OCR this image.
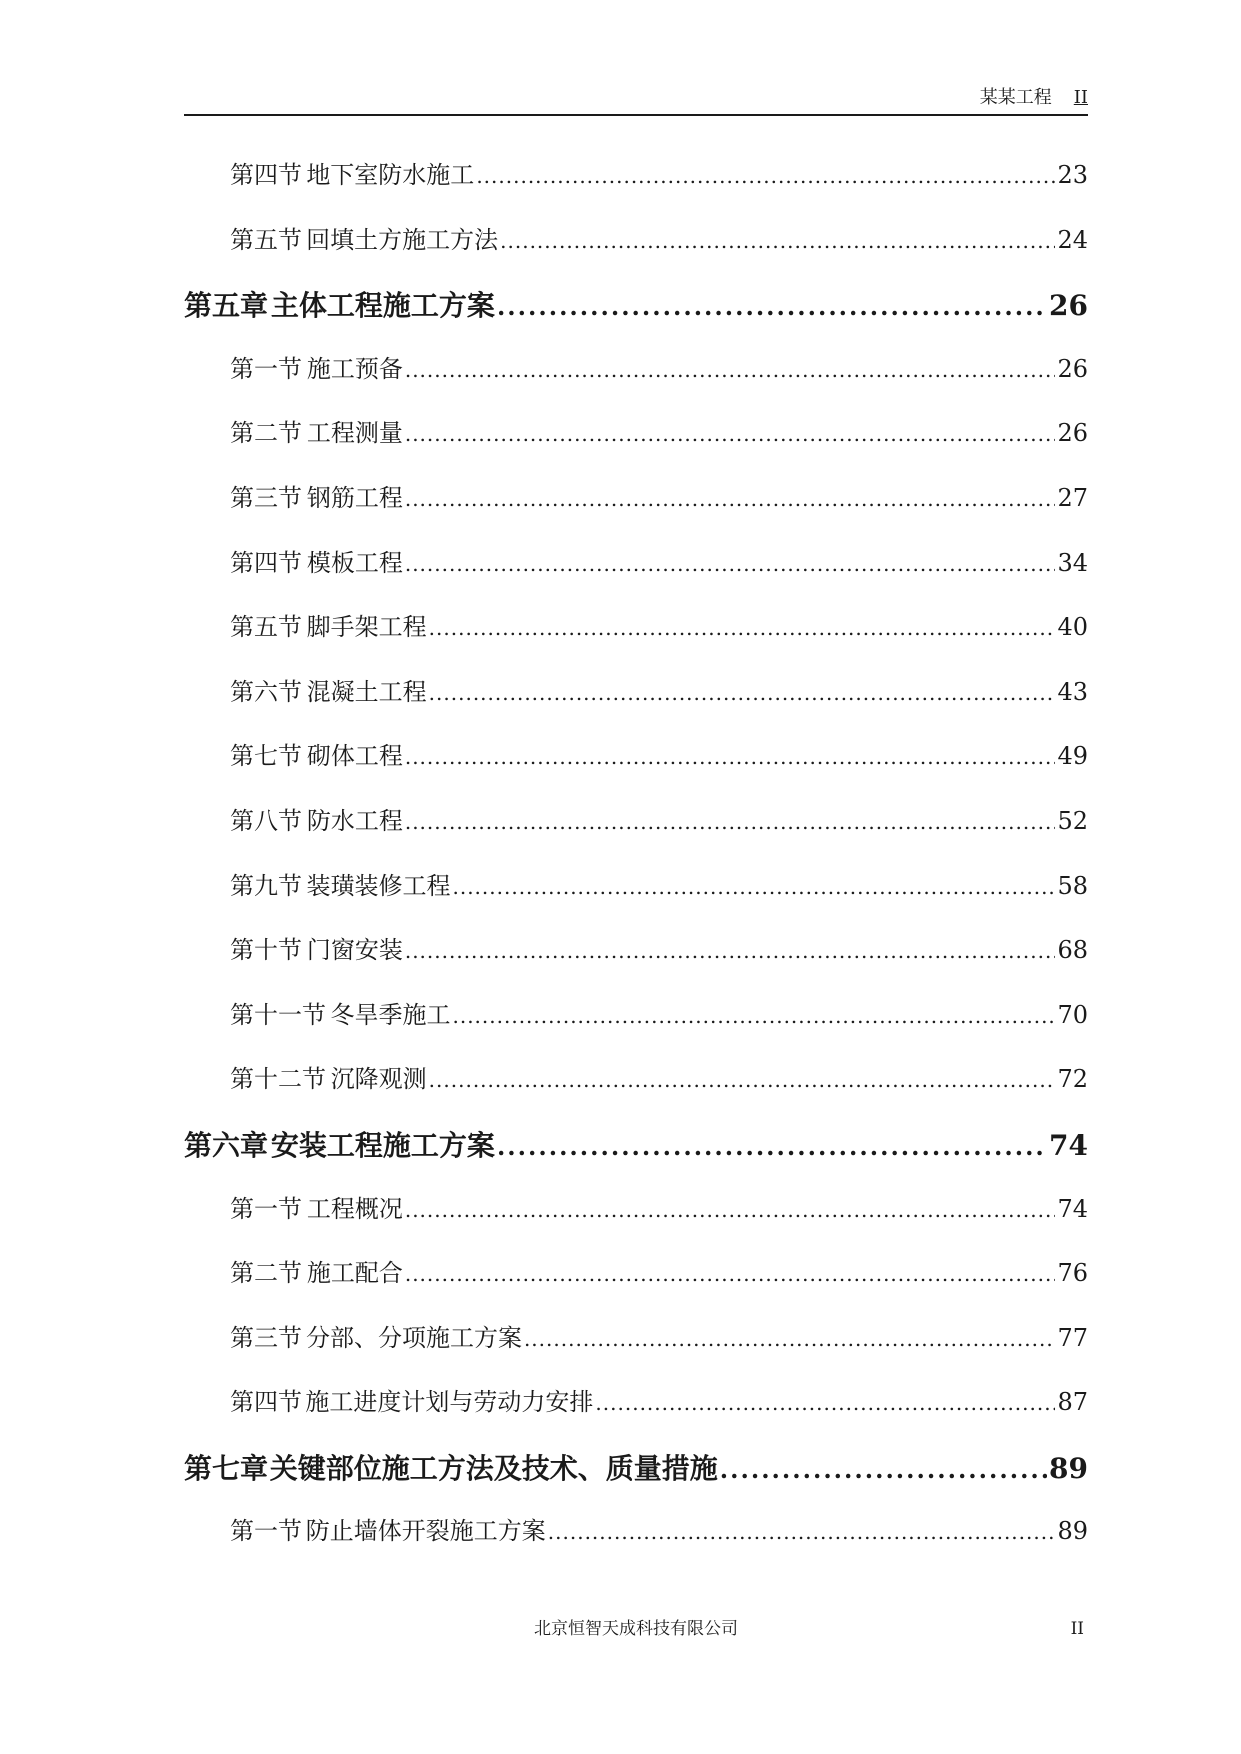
某某工程 II
第四节 地下室防水施工 .....	23
第五节 回填土方施工方法 .....	24
第五章 主体工程施工方案 .....	26
第一节 施工预备 .....	26
第二节 工程测量 .....	26
第三节 钢筋工程 .....	27
第四节 模板工程 .....	34
第五节 脚手架工程 .....	40
第六节 混凝土工程 .....	43
第七节 砌体工程 .....	49
第八节 防水工程 .....	52
第九节 装璜装修工程 .....	58
第十节 门窗安装 .....	68
第十一节 冬旱季施工 .....	70
第十二节 沉降观测 .....	72
第六章 安装工程施工方案 .....	74
第一节 工程概况 .....	74
第二节 施工配合 .....	76
第三节 分部、分项施工方案 .....	77
第四节 施工进度计划与劳动力安排 .....	87
第七章 关键部位施工方法及技术、质量措施 .....	89
第一节 防止墙体开裂施工方案 .....	89
北京恒智天成科技有限公司	II
